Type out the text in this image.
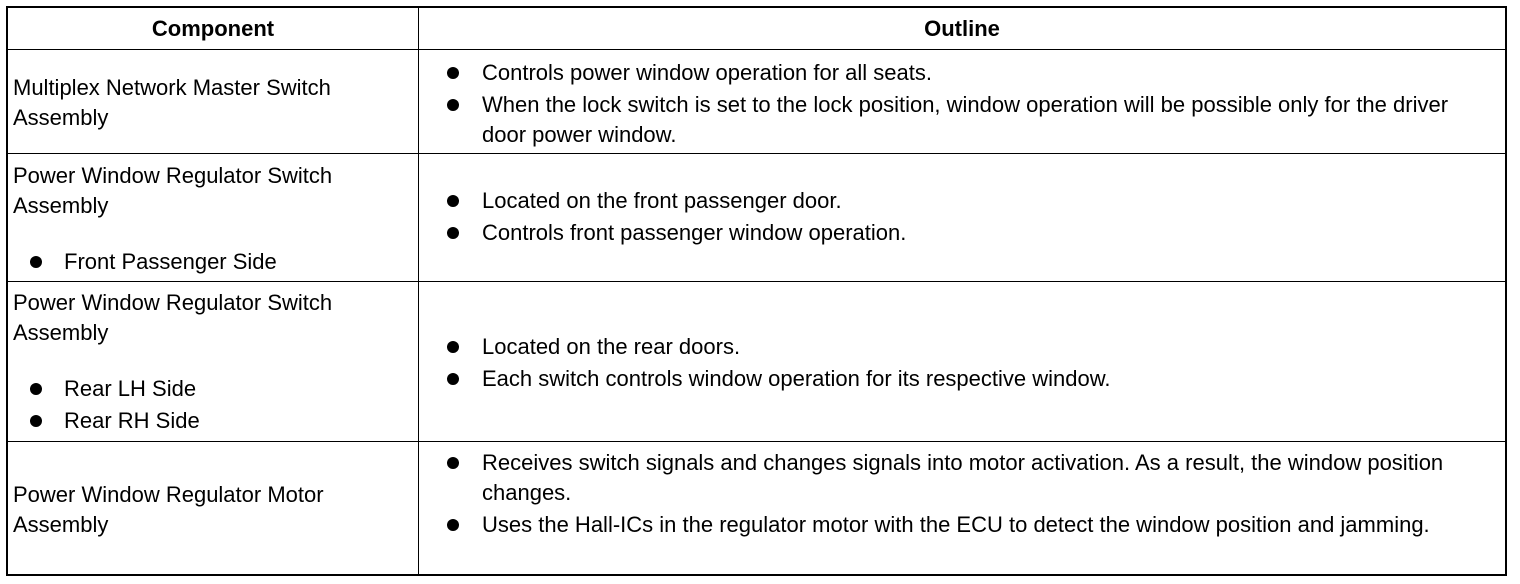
Component	Outline
Multiplex Network Master Switch Assembly
Controls power window operation for all seats.
When the lock switch is set to the lock position, window operation will be possible only for the driver door power window.
Power Window Regulator Switch Assembly
Front Passenger Side
Located on the front passenger door.
Controls front passenger window operation.
Power Window Regulator Switch Assembly
Rear LH Side
Rear RH Side
Located on the rear doors.
Each switch controls window operation for its respective window.
Power Window Regulator Motor Assembly
Receives switch signals and changes signals into motor activation. As a result, the window position changes.
Uses the Hall-ICs in the regulator motor with the ECU to detect the window position and jamming.
